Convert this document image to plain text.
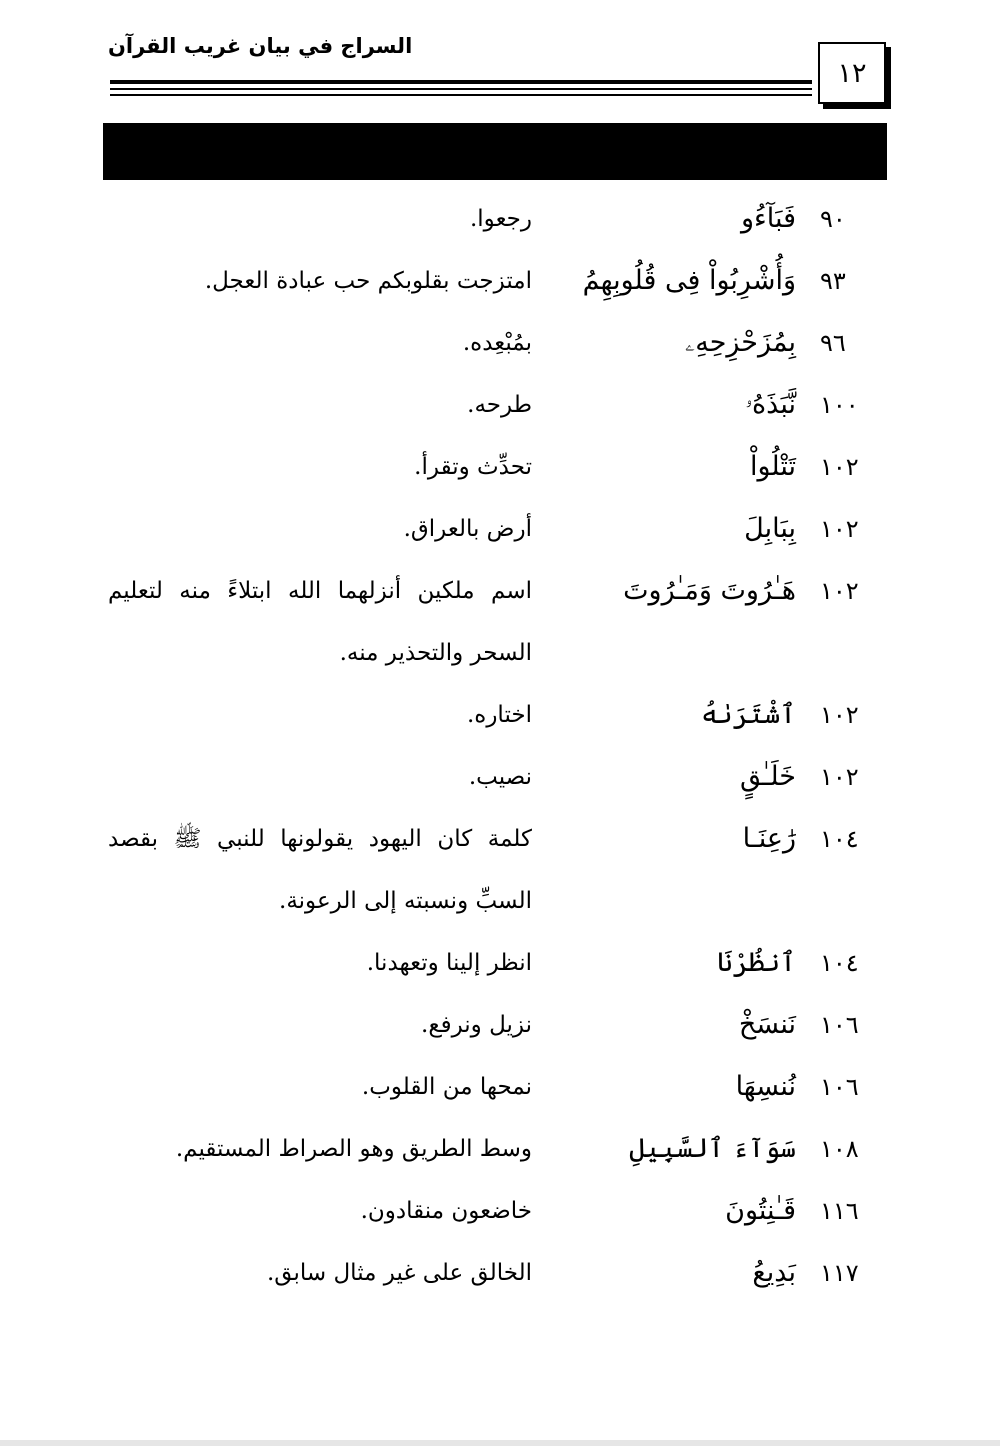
السراج في بيان غريب القرآن
١٢
٩٠
فَبَآءُو
رجعوا.
٩٣
وَأُشْرِبُواْ فِى قُلُوبِهِمُ
امتزجت بقلوبكم حب عبادة العجل.
٩٦
بِمُزَحْزِحِهِۦ
بمُبْعِده.
١٠٠
نَّبَذَهُۥ
طرحه.
١٠٢
تَتْلُواْ
تحدِّث وتقرأ.
١٠٢
بِبَابِلَ
أرض بالعراق.
١٠٢
هَـٰرُوتَ وَمَـٰرُوتَ
اسم ملكين أنزلهما الله ابتلاءً منه لتعليم السحر والتحذير منه.
١٠٢
ٱشْتَرَىٰهُ
اختاره.
١٠٢
خَلَـٰقٍ
نصيب.
١٠٤
رَٰعِنَـا
كلمة كان اليهود يقولونها للنبي ﷺ بقصد السبِّ ونسبته إلى الرعونة.
١٠٤
ٱنظُرْنَا
انظر إلينا وتعهدنا.
١٠٦
نَنسَخْ
نزيل ونرفع.
١٠٦
نُنسِهَا
نمحها من القلوب.
١٠٨
سَوَآءَ ٱلسَّبِيلِ
وسط الطريق وهو الصراط المستقيم.
١١٦
قَـٰنِتُونَ
خاضعون منقادون.
١١٧
بَدِيعُ
الخالق على غير مثال سابق.
